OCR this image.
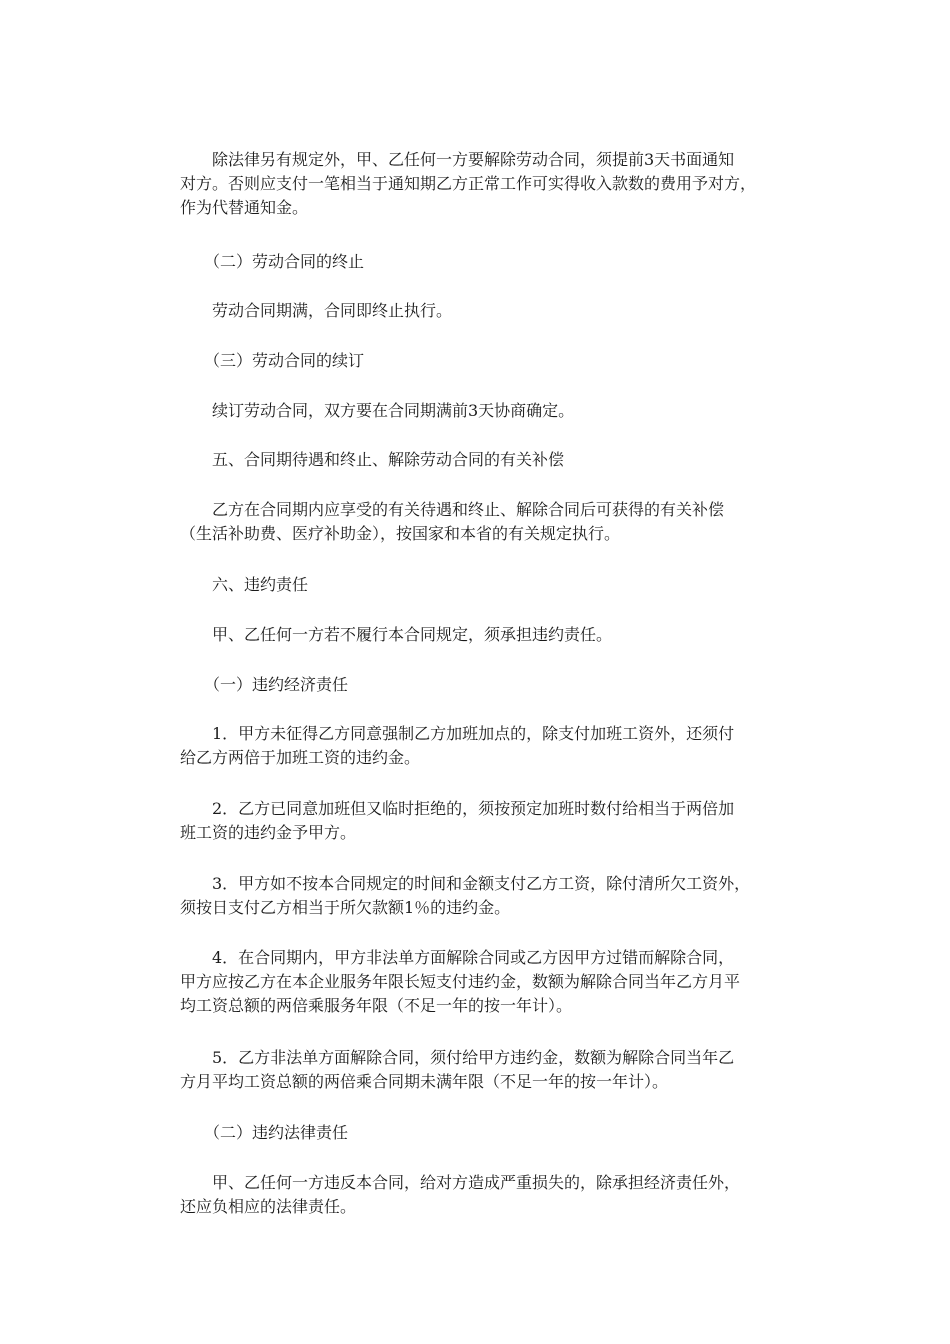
　　除法律另有规定外，甲、乙任何一方要解除劳动合同，须提前3天书面通知
对方。否则应支付一笔相当于通知期乙方正常工作可实得收入款数的费用予对方，
作为代替通知金。
　　（二）劳动合同的终止
　　劳动合同期满，合同即终止执行。
　　（三）劳动合同的续订
　　续订劳动合同，双方要在合同期满前3天协商确定。
　　五、合同期待遇和终止、解除劳动合同的有关补偿
　　乙方在合同期内应享受的有关待遇和终止、解除合同后可获得的有关补偿
（生活补助费、医疗补助金），按国家和本省的有关规定执行。
　　六、违约责任
　　甲、乙任何一方若不履行本合同规定，须承担违约责任。
　　（一）违约经济责任
　　1．甲方未征得乙方同意强制乙方加班加点的，除支付加班工资外，还须付
给乙方两倍于加班工资的违约金。
　　2．乙方已同意加班但又临时拒绝的，须按预定加班时数付给相当于两倍加
班工资的违约金予甲方。
　　3．甲方如不按本合同规定的时间和金额支付乙方工资，除付清所欠工资外，
须按日支付乙方相当于所欠款额1％的违约金。
　　4．在合同期内，甲方非法单方面解除合同或乙方因甲方过错而解除合同，
甲方应按乙方在本企业服务年限长短支付违约金，数额为解除合同当年乙方月平
均工资总额的两倍乘服务年限（不足一年的按一年计）。
　　5．乙方非法单方面解除合同，须付给甲方违约金，数额为解除合同当年乙
方月平均工资总额的两倍乘合同期未满年限（不足一年的按一年计）。
　　（二）违约法律责任
　　甲、乙任何一方违反本合同，给对方造成严重损失的，除承担经济责任外，
还应负相应的法律责任。
